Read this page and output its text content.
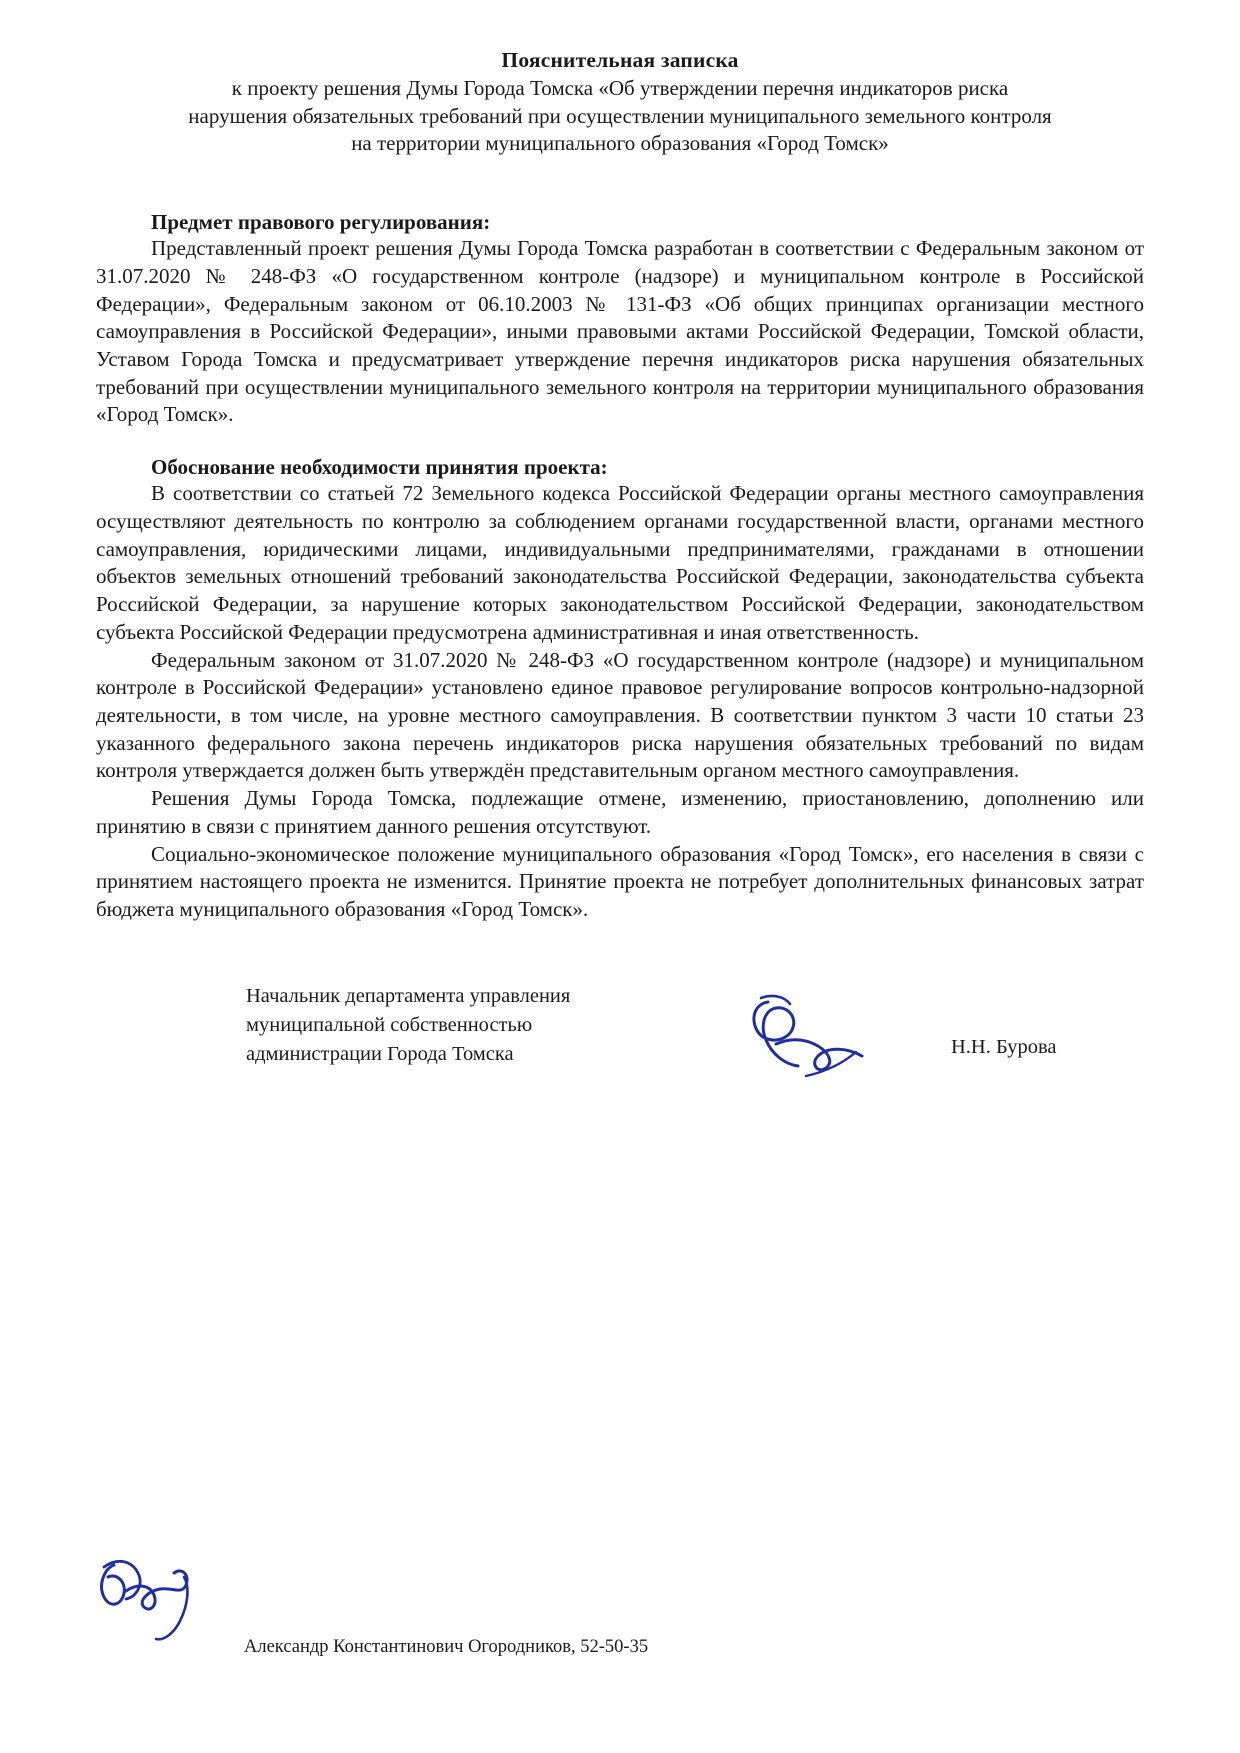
Пояснительная записка
к проекту решения Думы Города Томска «Об утверждении перечня индикаторов риска нарушения обязательных требований при осуществлении муниципального земельного контроля на территории муниципального образования «Город Томск»
Предмет правового регулирования:

Представленный проект решения Думы Города Томска разработан в соответствии с Федеральным законом от 31.07.2020 № 248-ФЗ «О государственном контроле (надзоре) и муниципальном контроле в Российской Федерации», Федеральным законом от 06.10.2003 № 131-ФЗ «Об общих принципах организации местного самоуправления в Российской Федерации», иными правовыми актами Российской Федерации, Томской области, Уставом Города Томска и предусматривает утверждение перечня индикаторов риска нарушения обязательных требований при осуществлении муниципального земельного контроля на территории муниципального образования «Город Томск».

Обоснование необходимости принятия проекта:

В соответствии со статьей 72 Земельного кодекса Российской Федерации органы местного самоуправления осуществляют деятельность по контролю за соблюдением органами государственной власти, органами местного самоуправления, юридическими лицами, индивидуальными предпринимателями, гражданами в отношении объектов земельных отношений требований законодательства Российской Федерации, законодательства субъекта Российской Федерации, за нарушение которых законодательством Российской Федерации, законодательством субъекта Российской Федерации предусмотрена административная и иная ответственность.

Федеральным законом от 31.07.2020 № 248-ФЗ «О государственном контроле (надзоре) и муниципальном контроле в Российской Федерации» установлено единое правовое регулирование вопросов контрольно-надзорной деятельности, в том числе, на уровне местного самоуправления. В соответствии пунктом 3 части 10 статьи 23 указанного федерального закона перечень индикаторов риска нарушения обязательных требований по видам контроля утверждается должен быть утверждён представительным органом местного самоуправления.

Решения Думы Города Томска, подлежащие отмене, изменению, приостановлению, дополнению или принятию в связи с принятием данного решения отсутствуют.

Социально-экономическое положение муниципального образования «Город Томск», его населения в связи с принятием настоящего проекта не изменится. Принятие проекта не потребует дополнительных финансовых затрат бюджета муниципального образования «Город Томск».

Начальник департамента управления
муниципальной собственностью
администрации Города Томска	Н.Н. Бурова
Александр Константинович Огородников, 52-50-35
